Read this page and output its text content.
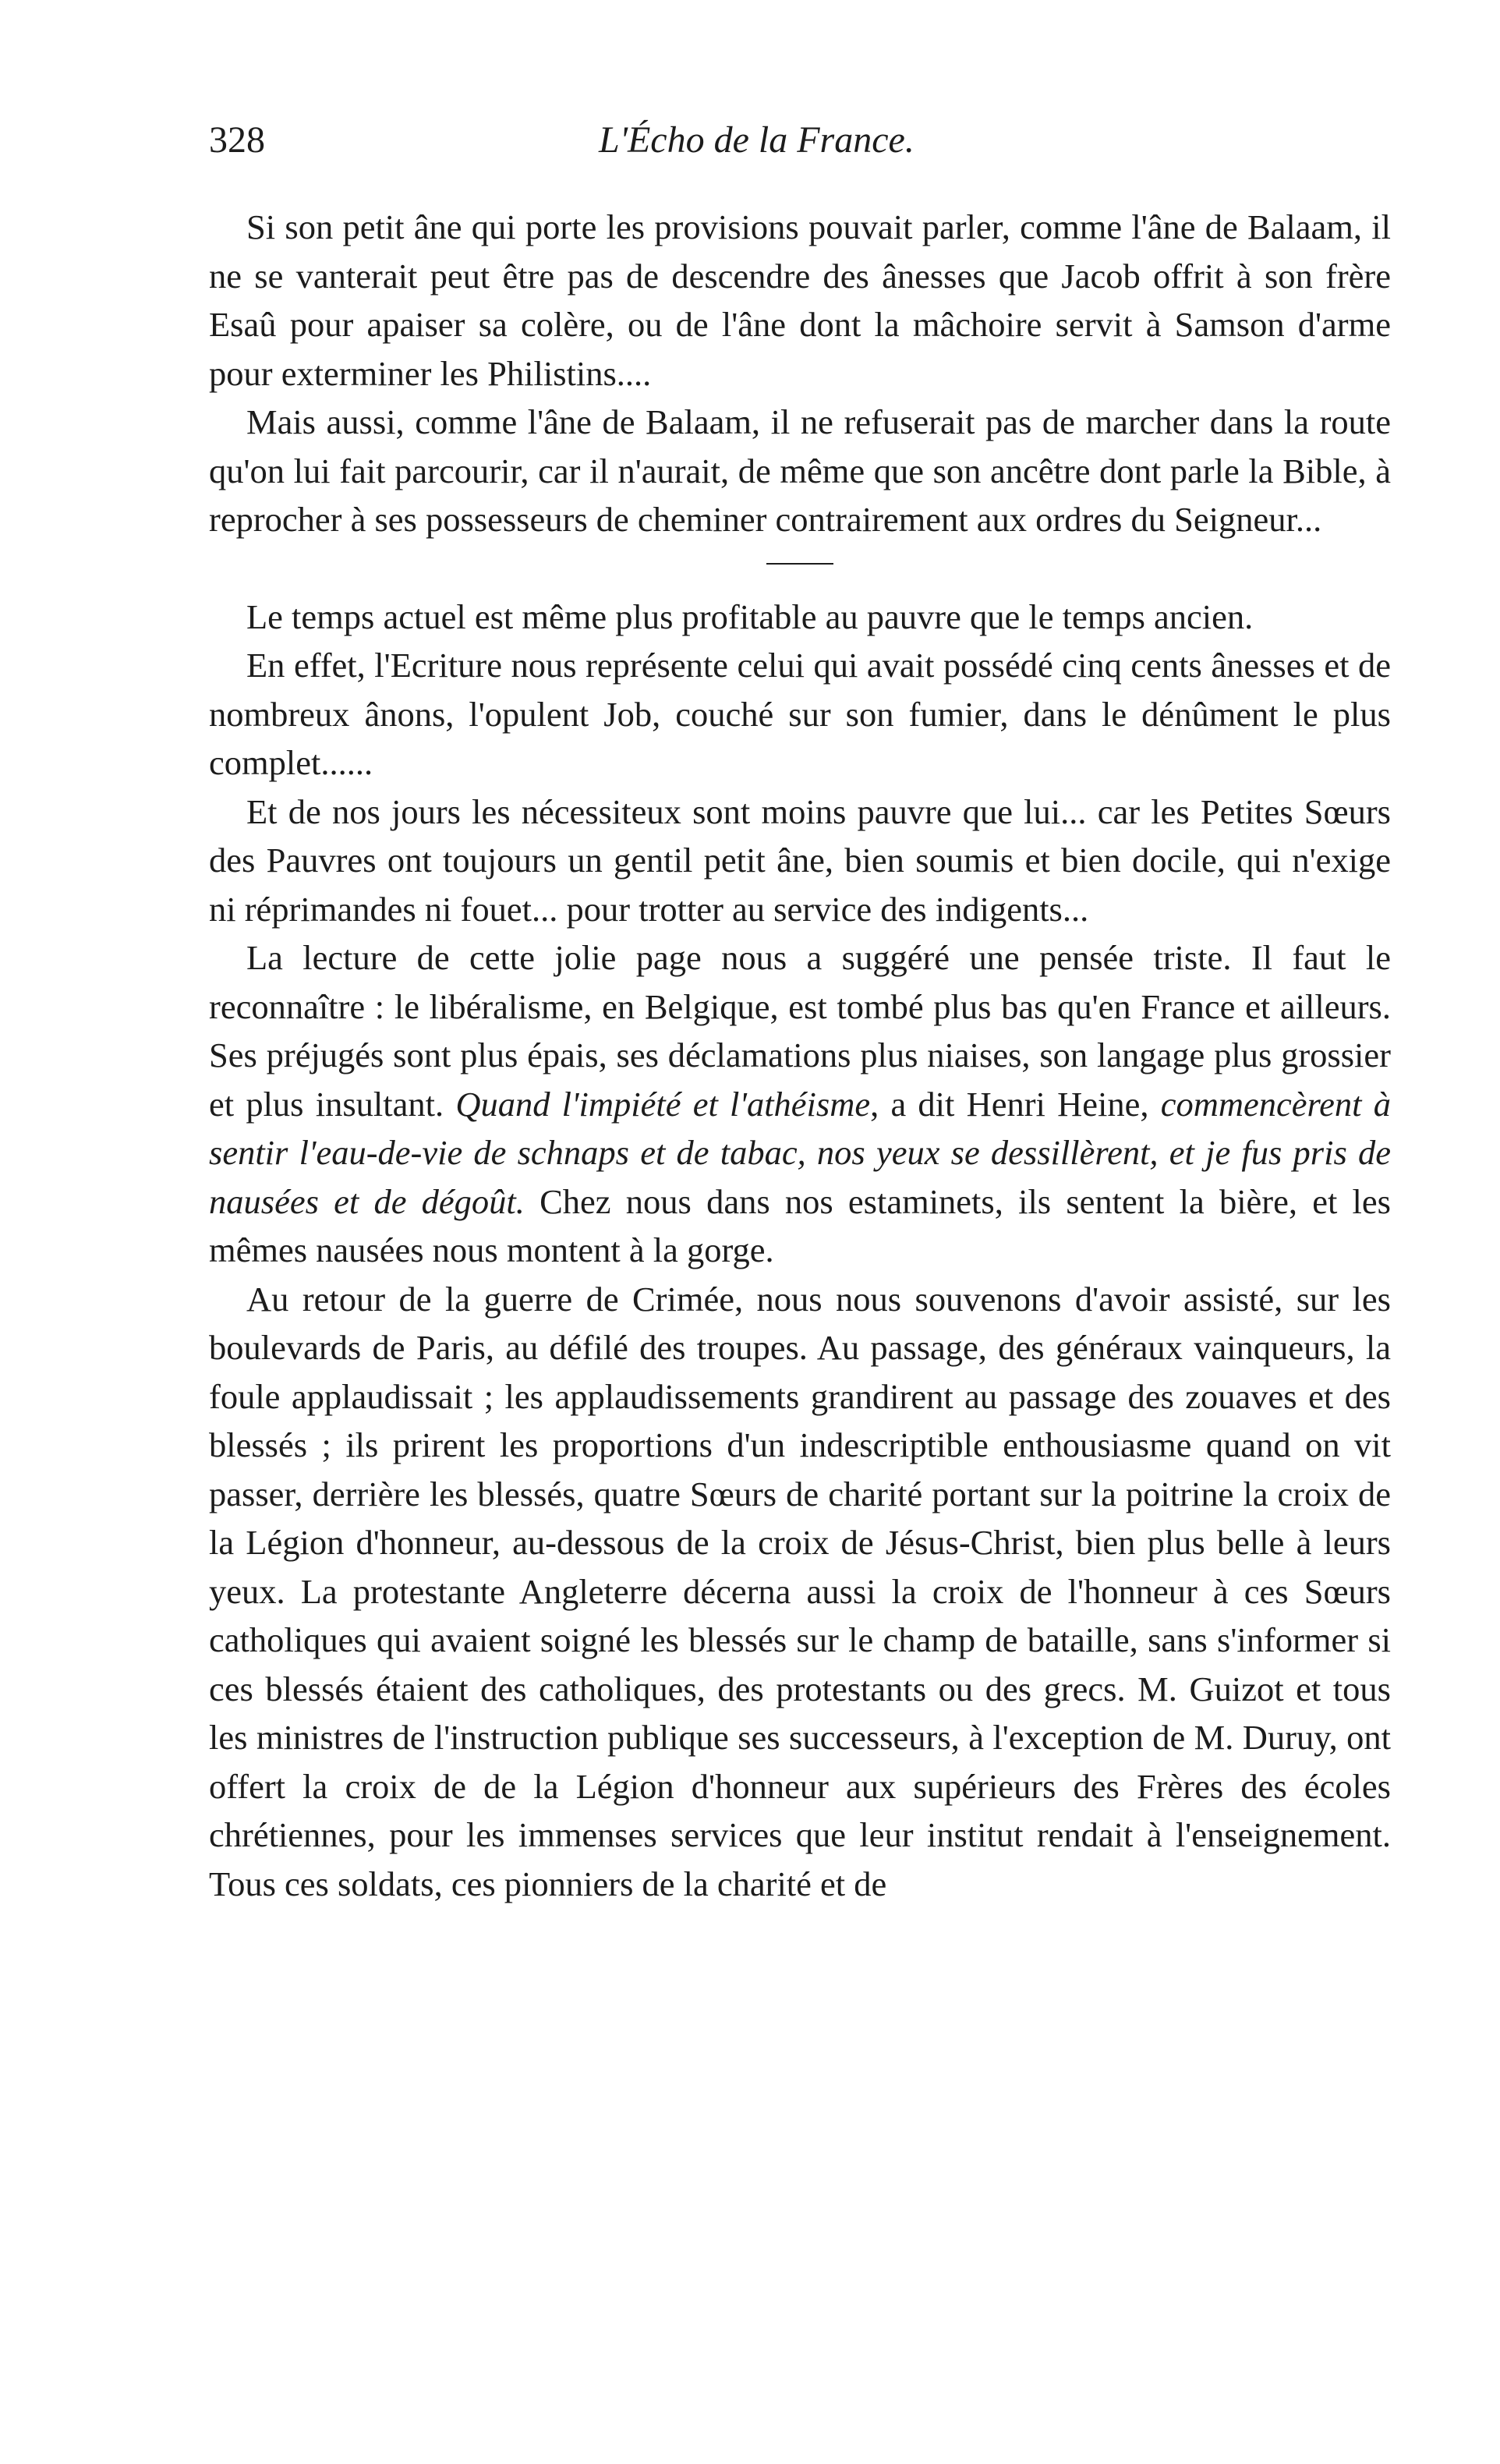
328	L'Écho de la France.

Si son petit âne qui porte les provisions pouvait parler, comme l'âne de Balaam, il ne se vanterait peut être pas de descendre des ânesses que Jacob offrit à son frère Esaû pour apaiser sa colère, ou de l'âne dont la mâchoire servit à Samson d'arme pour exterminer les Philistins....

Mais aussi, comme l'âne de Balaam, il ne refuserait pas de marcher dans la route qu'on lui fait parcourir, car il n'aurait, de même que son ancêtre dont parle la Bible, à reprocher à ses possesseurs de cheminer contrairement aux ordres du Seigneur...

Le temps actuel est même plus profitable au pauvre que le temps ancien.

En effet, l'Ecriture nous représente celui qui avait possédé cinq cents ânesses et de nombreux ânons, l'opulent Job, couché sur son fumier, dans le dénûment le plus complet......

Et de nos jours les nécessiteux sont moins pauvre que lui... car les Petites Sœurs des Pauvres ont toujours un gentil petit âne, bien soumis et bien docile, qui n'exige ni réprimandes ni fouet... pour trotter au service des indigents...

La lecture de cette jolie page nous a suggéré une pensée triste. Il faut le reconnaître : le libéralisme, en Belgique, est tombé plus bas qu'en France et ailleurs. Ses préjugés sont plus épais, ses déclamations plus niaises, son langage plus grossier et plus insultant. Quand l'impiété et l'athéisme, a dit Henri Heine, commencèrent à sentir l'eau-de-vie de schnaps et de tabac, nos yeux se dessillèrent, et je fus pris de nausées et de dégoût. Chez nous dans nos estaminets, ils sentent la bière, et les mêmes nausées nous montent à la gorge.

Au retour de la guerre de Crimée, nous nous souvenons d'avoir assisté, sur les boulevards de Paris, au défilé des troupes. Au passage, des généraux vainqueurs, la foule applaudissait ; les applaudissements grandirent au passage des zouaves et des blessés ; ils prirent les proportions d'un indescriptible enthousiasme quand on vit passer, derrière les blessés, quatre Sœurs de charité portant sur la poitrine la croix de la Légion d'honneur, au-dessous de la croix de Jésus-Christ, bien plus belle à leurs yeux. La protestante Angleterre décerna aussi la croix de l'honneur à ces Sœurs catholiques qui avaient soigné les blessés sur le champ de bataille, sans s'informer si ces blessés étaient des catholiques, des protestants ou des grecs. M. Guizot et tous les ministres de l'instruction publique ses successeurs, à l'exception de M. Duruy, ont offert la croix de de la Légion d'honneur aux supérieurs des Frères des écoles chrétiennes, pour les immenses services que leur institut rendait à l'enseignement. Tous ces soldats, ces pionniers de la charité et de
